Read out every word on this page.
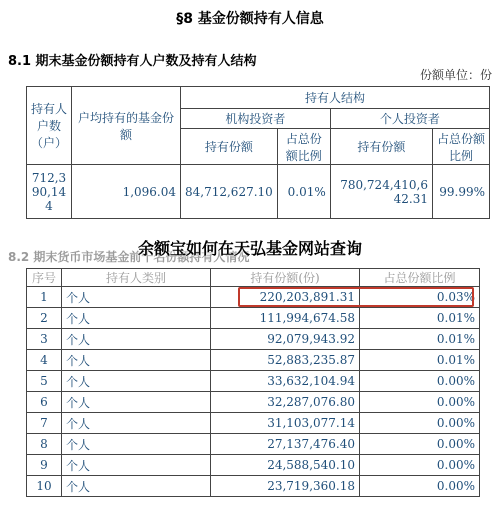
§8 基金份额持有人信息
8.1 期末基金份额持有人户数及持有人结构
份额单位：份
持有人户数（户）	户均持有的基金份额	持有人结构			
		机构投资者		个人投资者	
		持有份额	占总份额比例	持有份额	占总份额比例
712,390,144	1,096.04	84,712,627.10	0.01%	780,724,410,642.31	99.99%
8.2 期末货币市场基金前十名份额持有人情况
序号	持有人类别	持有份额(份)	占总份额比例
1	个人	220,203,891.31	0.03%
2	个人	111,994,674.58	0.01%
3	个人	92,079,943.92	0.01%
4	个人	52,883,235.87	0.01%
5	个人	33,632,104.94	0.00%
6	个人	32,287,076.80	0.00%
7	个人	31,103,077.14	0.00%
8	个人	27,137,476.40	0.00%
9	个人	24,588,540.10	0.00%
10	个人	23,719,360.18	0.00%
余额宝如何在天弘基金网站查询
